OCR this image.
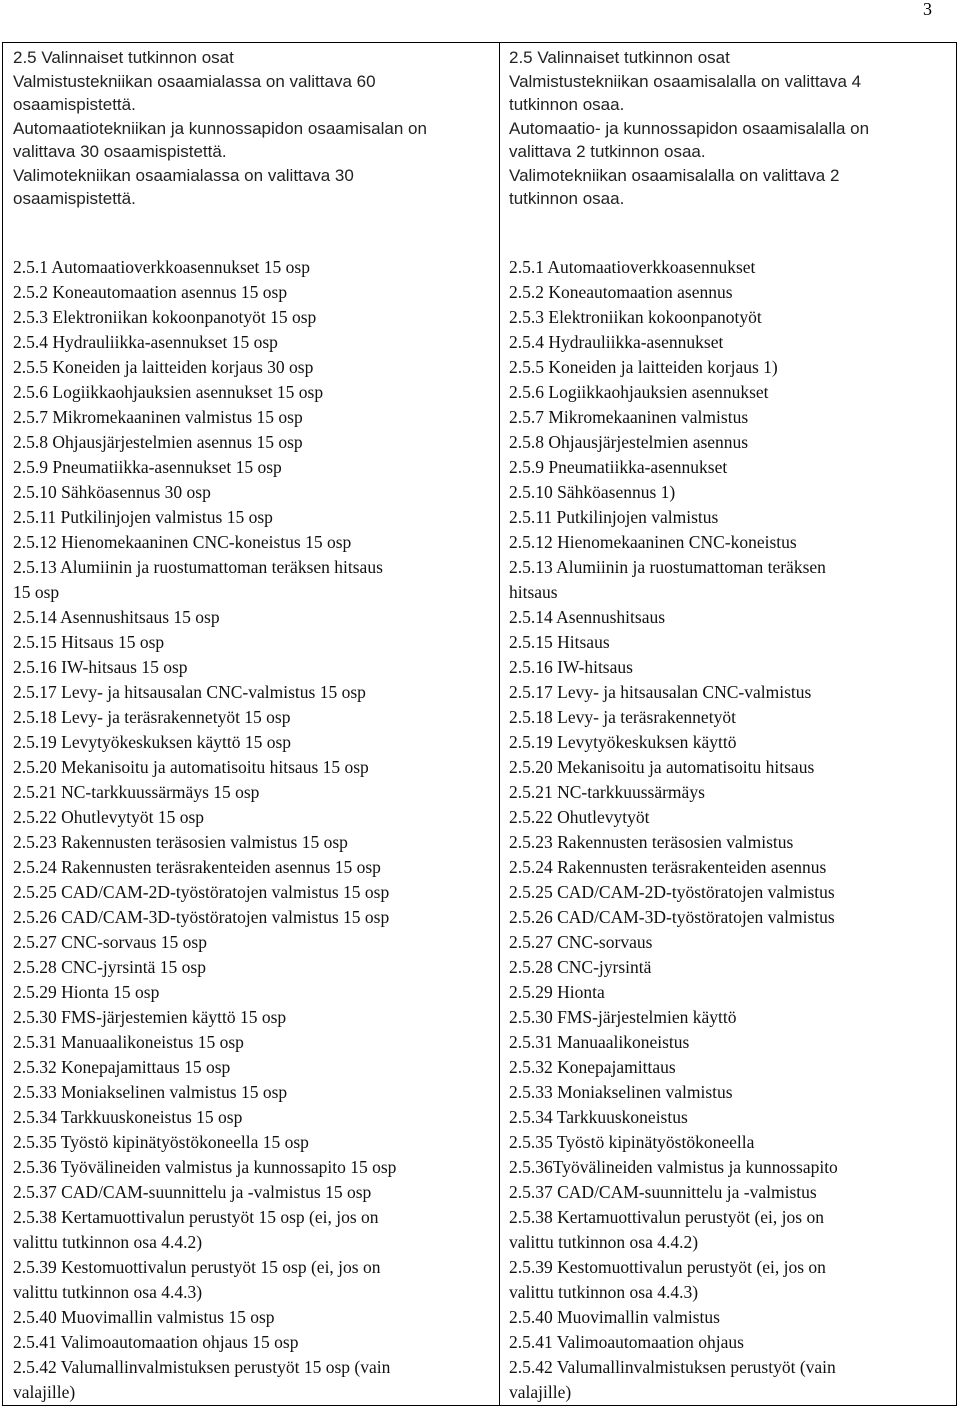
3
2.5 Valinnaiset tutkinnon osat
Valmistustekniikan osaamialassa on valittava 60
osaamispistettä.
Automaatiotekniikan ja kunnossapidon osaamisalan on
valittava 30 osaamispistettä.
Valimotekniikan osaamialassa on valittava 30
osaamispistettä.
2.5.1 Automaatioverkkoasennukset 15 osp
2.5.2 Koneautomaation asennus 15 osp
2.5.3 Elektroniikan kokoonpanotyöt 15 osp
2.5.4 Hydrauliikka-asennukset 15 osp
2.5.5 Koneiden ja laitteiden korjaus 30 osp
2.5.6 Logiikkaohjauksien asennukset 15 osp
2.5.7 Mikromekaaninen valmistus 15 osp
2.5.8 Ohjausjärjestelmien asennus 15 osp
2.5.9 Pneumatiikka-asennukset 15 osp
2.5.10 Sähköasennus 30 osp
2.5.11 Putkilinjojen valmistus 15 osp
2.5.12 Hienomekaaninen CNC-koneistus 15 osp
2.5.13 Alumiinin ja ruostumattoman teräksen hitsaus
15 osp
2.5.14 Asennushitsaus 15 osp
2.5.15 Hitsaus 15 osp
2.5.16 IW-hitsaus 15 osp
2.5.17 Levy- ja hitsausalan CNC-valmistus 15 osp
2.5.18 Levy- ja teräsrakennetyöt 15 osp
2.5.19 Levytyökeskuksen käyttö 15 osp
2.5.20 Mekanisoitu ja automatisoitu hitsaus 15 osp
2.5.21 NC-tarkkuussärmäys 15 osp
2.5.22 Ohutlevytyöt 15 osp
2.5.23 Rakennusten teräsosien valmistus 15 osp
2.5.24 Rakennusten teräsrakenteiden asennus 15 osp
2.5.25 CAD/CAM-2D-työstöratojen valmistus 15 osp
2.5.26 CAD/CAM-3D-työstöratojen valmistus 15 osp
2.5.27 CNC-sorvaus 15 osp
2.5.28 CNC-jyrsintä 15 osp
2.5.29 Hionta 15 osp
2.5.30 FMS-järjestemien käyttö 15 osp
2.5.31 Manuaalikoneistus 15 osp
2.5.32 Konepajamittaus 15 osp
2.5.33 Moniakselinen valmistus 15 osp
2.5.34 Tarkkuuskoneistus 15 osp
2.5.35 Työstö kipinätyöstökoneella 15 osp
2.5.36 Työvälineiden valmistus ja kunnossapito 15 osp
2.5.37 CAD/CAM-suunnittelu ja -valmistus 15 osp
2.5.38 Kertamuottivalun perustyöt 15 osp (ei, jos on
valittu tutkinnon osa 4.4.2)
2.5.39 Kestomuottivalun perustyöt 15 osp (ei, jos on
valittu tutkinnon osa 4.4.3)
2.5.40 Muovimallin valmistus 15 osp
2.5.41 Valimoautomaation ohjaus 15 osp
2.5.42 Valumallinvalmistuksen perustyöt 15 osp (vain
valajille)
2.5 Valinnaiset tutkinnon osat
Valmistustekniikan osaamisalalla on valittava 4
tutkinnon osaa.
Automaatio- ja kunnossapidon osaamisalalla on
valittava 2 tutkinnon osaa.
Valimotekniikan osaamisalalla on valittava 2
tutkinnon osaa.
2.5.1 Automaatioverkkoasennukset
2.5.2 Koneautomaation asennus
2.5.3 Elektroniikan kokoonpanotyöt
2.5.4 Hydrauliikka-asennukset
2.5.5 Koneiden ja laitteiden korjaus 1)
2.5.6 Logiikkaohjauksien asennukset
2.5.7 Mikromekaaninen valmistus
2.5.8 Ohjausjärjestelmien asennus
2.5.9 Pneumatiikka-asennukset
2.5.10 Sähköasennus 1)
2.5.11 Putkilinjojen valmistus
2.5.12 Hienomekaaninen CNC-koneistus
2.5.13 Alumiinin ja ruostumattoman teräksen
hitsaus
2.5.14 Asennushitsaus
2.5.15 Hitsaus
2.5.16 IW-hitsaus
2.5.17 Levy- ja hitsausalan CNC-valmistus
2.5.18 Levy- ja teräsrakennetyöt
2.5.19 Levytyökeskuksen käyttö
2.5.20 Mekanisoitu ja automatisoitu hitsaus
2.5.21 NC-tarkkuussärmäys
2.5.22 Ohutlevytyöt
2.5.23 Rakennusten teräsosien valmistus
2.5.24 Rakennusten teräsrakenteiden asennus
2.5.25 CAD/CAM-2D-työstöratojen valmistus
2.5.26 CAD/CAM-3D-työstöratojen valmistus
2.5.27 CNC-sorvaus
2.5.28 CNC-jyrsintä
2.5.29 Hionta
2.5.30 FMS-järjestelmien käyttö
2.5.31 Manuaalikoneistus
2.5.32 Konepajamittaus
2.5.33 Moniakselinen valmistus
2.5.34 Tarkkuuskoneistus
2.5.35 Työstö kipinätyöstökoneella
2.5.36Työvälineiden valmistus ja kunnossapito
2.5.37 CAD/CAM-suunnittelu ja -valmistus
2.5.38 Kertamuottivalun perustyöt (ei, jos on
valittu tutkinnon osa 4.4.2)
2.5.39 Kestomuottivalun perustyöt (ei, jos on
valittu tutkinnon osa 4.4.3)
2.5.40 Muovimallin valmistus
2.5.41 Valimoautomaation ohjaus
2.5.42 Valumallinvalmistuksen perustyöt (vain
valajille)
